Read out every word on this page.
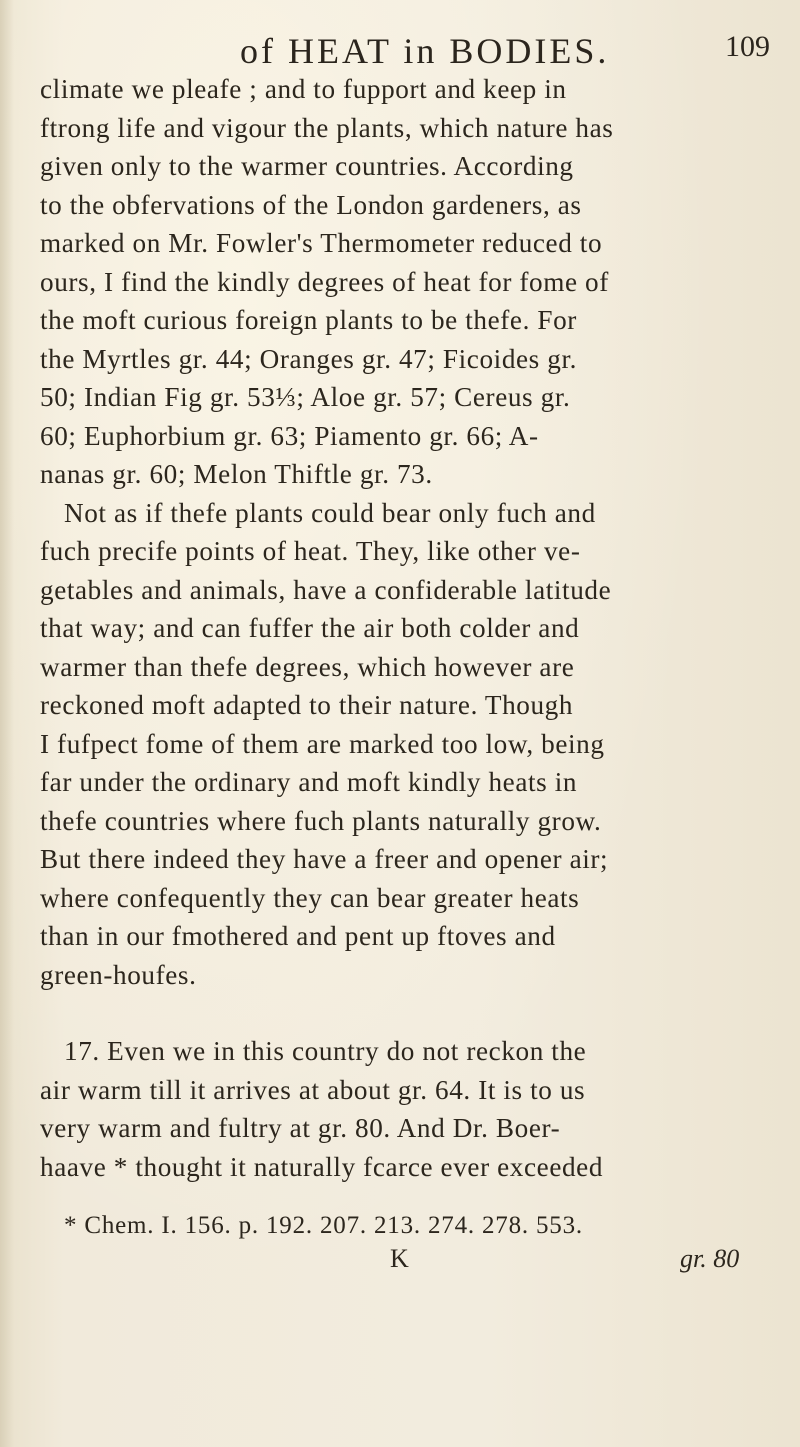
of HEAT in BODIES.	109
climate we pleafe ; and to fupport and keep in
ftrong life and vigour the plants, which nature has
given only to the warmer countries. According
to the obfervations of the London gardeners, as
marked on Mr. Fowler's Thermometer reduced to
ours, I find the kindly degrees of heat for fome of
the moft curious foreign plants to be thefe. For
the Myrtles gr. 44; Oranges gr. 47; Ficoides gr.
50; Indian Fig gr. 53⅓; Aloe gr. 57; Cereus gr.
60; Euphorbium gr. 63; Piamento gr. 66; A-
nanas gr. 60; Melon Thiftle gr. 73.
Not as if thefe plants could bear only fuch and
fuch precife points of heat. They, like other ve-
getables and animals, have a confiderable latitude
that way; and can fuffer the air both colder and
warmer than thefe degrees, which however are
reckoned moft adapted to their nature. Though
I fufpect fome of them are marked too low, being
far under the ordinary and moft kindly heats in
thefe countries where fuch plants naturally grow.
But there indeed they have a freer and opener air;
where confequently they can bear greater heats
than in our fmothered and pent up ftoves and
green-houfes.
17. Even we in this country do not reckon the
air warm till it arrives at about gr. 64. It is to us
very warm and fultry at gr. 80. And Dr. Boer-
haave * thought it naturally fcarce ever exceeded
* Chem. I. 156. p. 192. 207. 213. 274. 278. 553.
K	gr. 80
